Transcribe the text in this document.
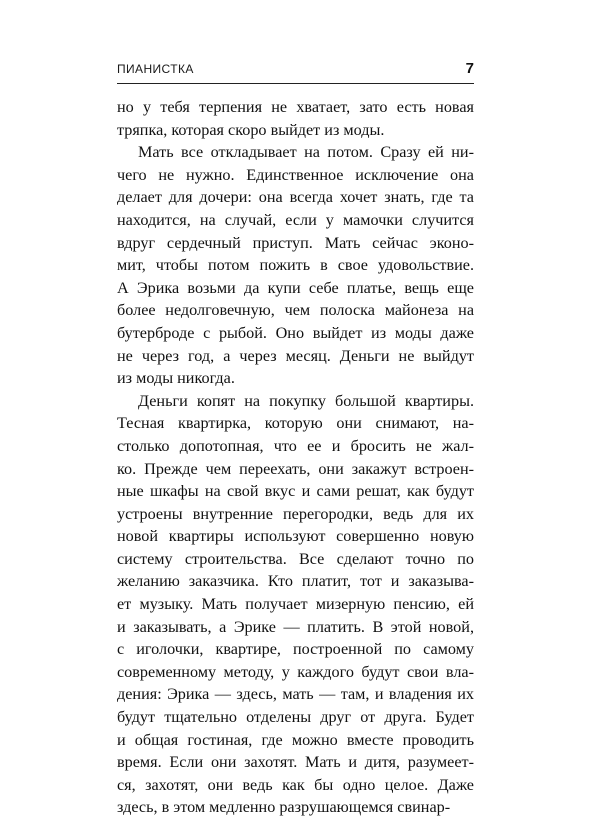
ПИАНИСТКА	7
но у тебя терпения не хватает, зато есть новая
тряпка, которая скоро выйдет из моды.
Мать все откладывает на потом. Сразу ей ни-
чего не нужно. Единственное исключение она
делает для дочери: она всегда хочет знать, где та
находится, на случай, если у мамочки случится
вдруг сердечный приступ. Мать сейчас эконо-
мит, чтобы потом пожить в свое удовольствие.
А Эрика возьми да купи себе платье, вещь еще
более недолговечную, чем полоска майонеза на
бутерброде с рыбой. Оно выйдет из моды даже
не через год, а через месяц. Деньги не выйдут
из моды никогда.
Деньги копят на покупку большой квартиры.
Тесная квартирка, которую они снимают, на-
столько допотопная, что ее и бросить не жал-
ко. Прежде чем переехать, они закажут встроен-
ные шкафы на свой вкус и сами решат, как будут
устроены внутренние перегородки, ведь для их
новой квартиры используют совершенно новую
систему строительства. Все сделают точно по
желанию заказчика. Кто платит, тот и заказыва-
ет музыку. Мать получает мизерную пенсию, ей
и заказывать, а Эрике — платить. В этой новой,
с иголочки, квартире, построенной по самому
современному методу, у каждого будут свои вла-
дения: Эрика — здесь, мать — там, и владения их
будут тщательно отделены друг от друга. Будет
и общая гостиная, где можно вместе проводить
время. Если они захотят. Мать и дитя, разумеет-
ся, захотят, они ведь как бы одно целое. Даже
здесь, в этом медленно разрушающемся свинар-
